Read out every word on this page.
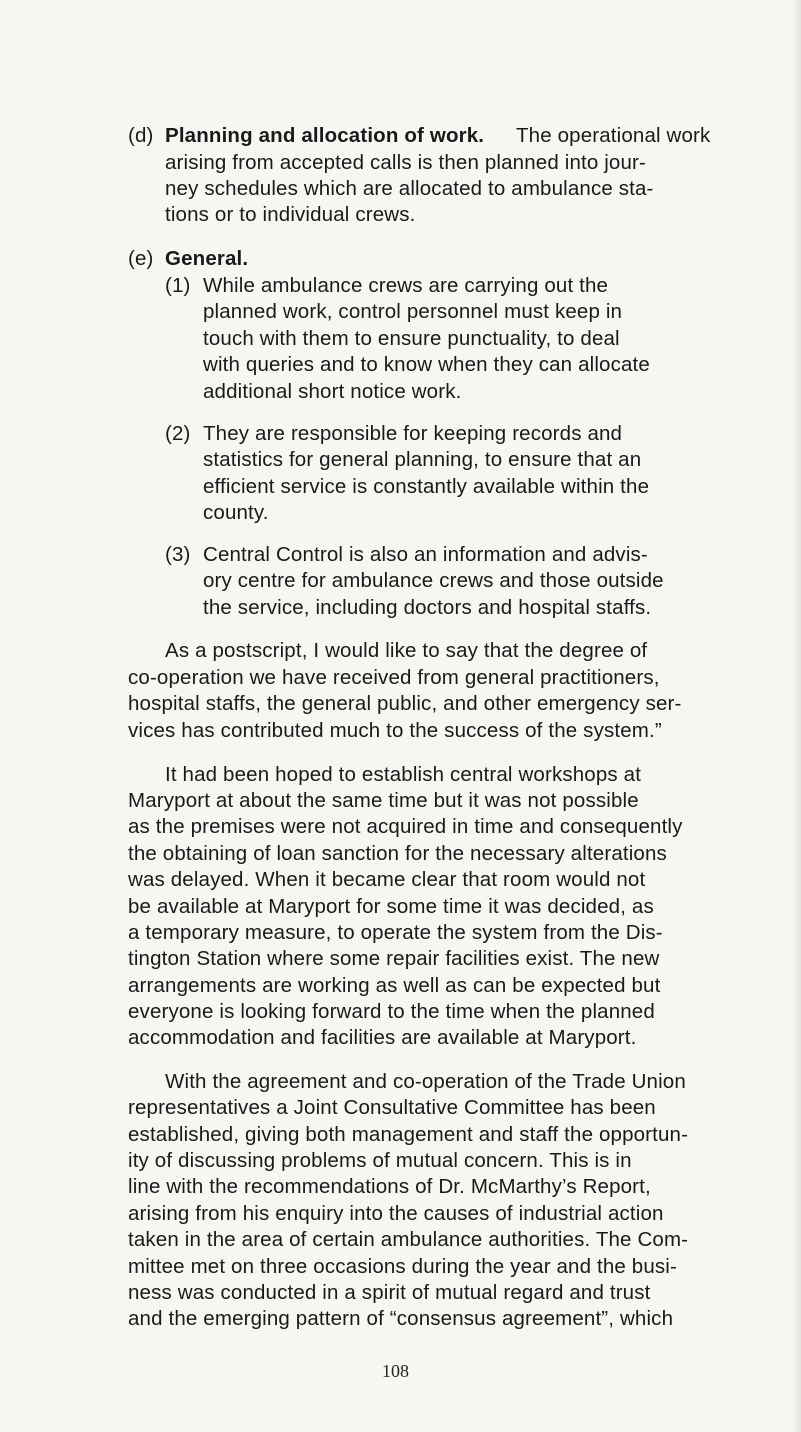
(d) Planning and allocation of work. The operational work
arising from accepted calls is then planned into jour-
ney schedules which are allocated to ambulance sta-
tions or to individual crews.
(e) General.
(1) While ambulance crews are carrying out the
planned work, control personnel must keep in
touch with them to ensure punctuality, to deal
with queries and to know when they can allocate
additional short notice work.
(2) They are responsible for keeping records and
statistics for general planning, to ensure that an
efficient service is constantly available within the
county.
(3) Central Control is also an information and advis-
ory centre for ambulance crews and those outside
the service, including doctors and hospital staffs.
As a postscript, I would like to say that the degree of
co-operation we have received from general practitioners,
hospital staffs, the general public, and other emergency ser-
vices has contributed much to the success of the system.”
It had been hoped to establish central workshops at
Maryport at about the same time but it was not possible
as the premises were not acquired in time and consequently
the obtaining of loan sanction for the necessary alterations
was delayed. When it became clear that room would not
be available at Maryport for some time it was decided, as
a temporary measure, to operate the system from the Dis-
tington Station where some repair facilities exist. The new
arrangements are working as well as can be expected but
everyone is looking forward to the time when the planned
accommodation and facilities are available at Maryport.
With the agreement and co-operation of the Trade Union
representatives a Joint Consultative Committee has been
established, giving both management and staff the opportun-
ity of discussing problems of mutual concern. This is in
line with the recommendations of Dr. McMarthy’s Report,
arising from his enquiry into the causes of industrial action
taken in the area of certain ambulance authorities. The Com-
mittee met on three occasions during the year and the busi-
ness was conducted in a spirit of mutual regard and trust
and the emerging pattern of “consensus agreement”, which
108
